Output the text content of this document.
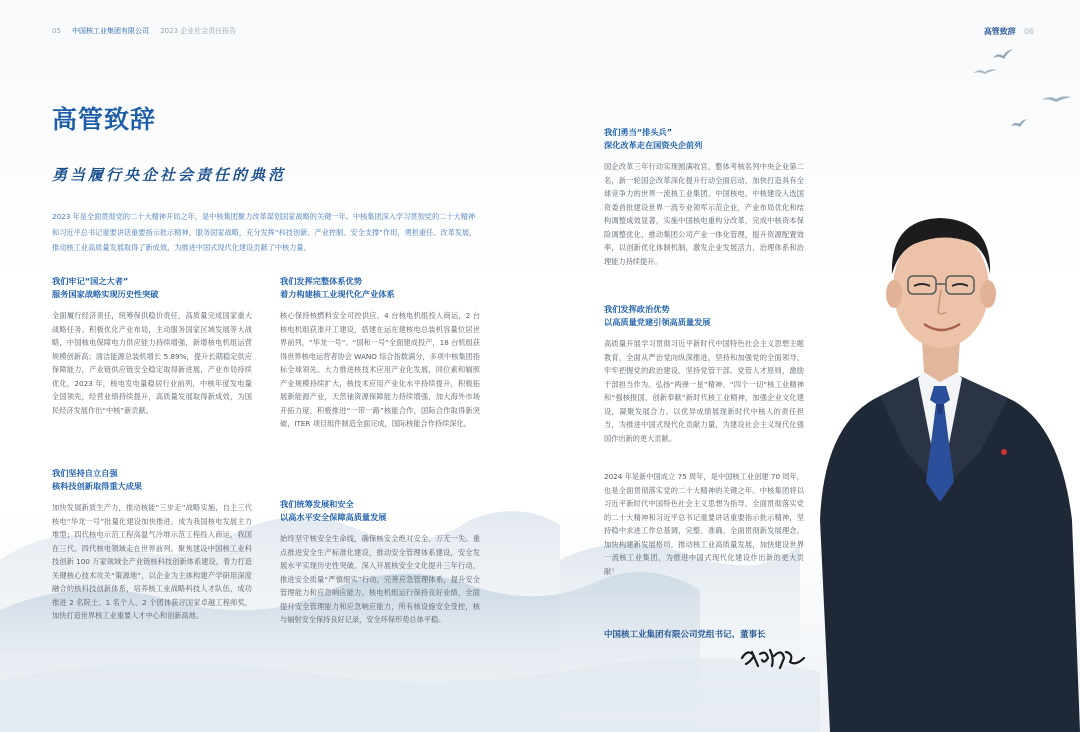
05 中国核工业集团有限公司 2023 企业社会责任报告	高管致辞 06
高管致辞
勇当履行央企社会责任的典范
2023 年是全面贯彻党的二十大精神开局之年，是中核集团聚力改革谋划国家战略的关键一年。中核集团深入学习贯彻党的二十大精神和习近平总书记重要讲话重要指示批示精神，服务国家战略，充分发挥“科技创新、产业控制、安全支撑”作用，勇担重任、改革发展，推动核工业高质量发展取得了新成效，为推进中国式现代化建设贡献了中核力量。
我们牢记“国之大者”
服务国家战略实现历史性突破
全面履行经济责任，统筹保供稳价责任，高质量完成国家重大战略任务。积极优化产业布局，主动服务国家区域发展等大战略，中国核电保障电力供应能力持续增强，新增核电机组运营规模创新高；清洁能源总装机增长 5.89%，提升长期稳定供应保障能力，产业链供应链安全稳定取得新进展，产业布局持续优化，2023 年，核电发电量稳居行业前列，中核年度发电量全国领先，经营业绩持续提升，高质量发展取得新成效，为国民经济发展作出“中核”新贡献。
我们坚持自立自强
核科技创新取得重大成果
加快发展新质生产力，推动核能“三步走”战略实施，自主三代核电“华龙一号”批量化建设加快推进，成为我国核电发展主力堆型；四代核电示范工程高温气冷堆示范工程投入商运，我国在三代、四代核电领域走在世界前列。聚焦建设中国核工业科技创新 100 万家领域全产业链核科技创新体系建设，着力打造关键核心技术攻关“策源地”，以企业为主体构建产学研用深度融合的核科技创新体系，培养核工业战略科技人才队伍，成功推进 2 名院士、1 名个人、2 个团体获评国家卓越工程师奖，加快打造世界核工业重要人才中心和创新高地。
我们发挥完整体系优势
着力构建核工业现代化产业体系
核心保持核燃料安全可控供应，4 台核电机组投入商运，2 台核电机组获准开工建设，搭建在运在建核电总装机容量位居世界前列，“华龙一号”、“国和一号”全面建成投产，18 台机组获得世界核电运营者协会 WANO 综合指数满分，多项中核集团指标全球领先。大力推进核技术应用产业化发展，同位素和辐照产业规模持续扩大，核技术应用产业化水平持续提升，积极拓展新能源产业，天然铀资源保障能力持续增强，加大海外市场开拓力度，积极推进“一带一路”核能合作，国际合作取得新突破，ITER 项目组件制造全面完成，国际核能合作持续深化。
我们统筹发展和安全
以高水平安全保障高质量发展
始终坚守核安全生命线，确保核安全绝对安全、万无一失。重点推进安全生产标准化建设，推动安全管理体系建设，安全发展水平实现历史性突破。深入开展核安全文化提升三年行动，推进安全质量“严慎细实”行动，完善应急管理体系，提升安全管理能力和应急响应能力，核电机组运行保持良好业绩，全面提升安全管理能力和应急响应能力，所有核设施安全受控，核与辐射安全保持良好记录，安全环保形势总体平稳。
我们勇当“排头兵”
深化改革走在国资央企前列
国企改革三年行动实现圆满收官，整体考核名列中央企业第二名，新一轮国企改革深化提升行动全面启动，加快打造具有全球竞争力的世界一流核工业集团。中国核电、中核建设入选国资委首批建设世界一流专业领军示范企业，产业布局优化和结构调整成效显著，实施中国核电重构分改革，完成中核资本保险调整优化，推动集团公司产业一体化管理，提升资源配置效率，以创新优化体制机制，激发企业发展活力，治理体系和治理能力持续提升。
我们发挥政治优势
以高质量党建引领高质量发展
高质量开展学习贯彻习近平新时代中国特色社会主义思想主题教育，全面从严治党向纵深推进，坚持和加强党的全面领导，牢牢把握党的政治建设、坚持党管干部、党管人才原则，激励干部担当作为。弘扬“两弹一星”精神、“四个一切”核工业精神和“强核报国、创新奉献”新时代核工业精神，加强企业文化建设，凝聚发展合力。以优异成绩展现新时代中核人的责任担当，为推进中国式现代化贡献力量，为建设社会主义现代化强国作出新的更大贡献。
2024 年是新中国成立 75 周年，是中国核工业创建 70 周年，也是全面贯彻落实党的二十大精神的关键之年。中核集团将以习近平新时代中国特色社会主义思想为指导，全面贯彻落实党的二十大精神和习近平总书记重要讲话重要指示批示精神，坚持稳中求进工作总基调，完整、准确、全面贯彻新发展理念，加快构建新发展格局，推动核工业高质量发展，加快建设世界一流核工业集团，为推进中国式现代化建设作出新的更大贡献！
中国核工业集团有限公司党组书记、董事长
